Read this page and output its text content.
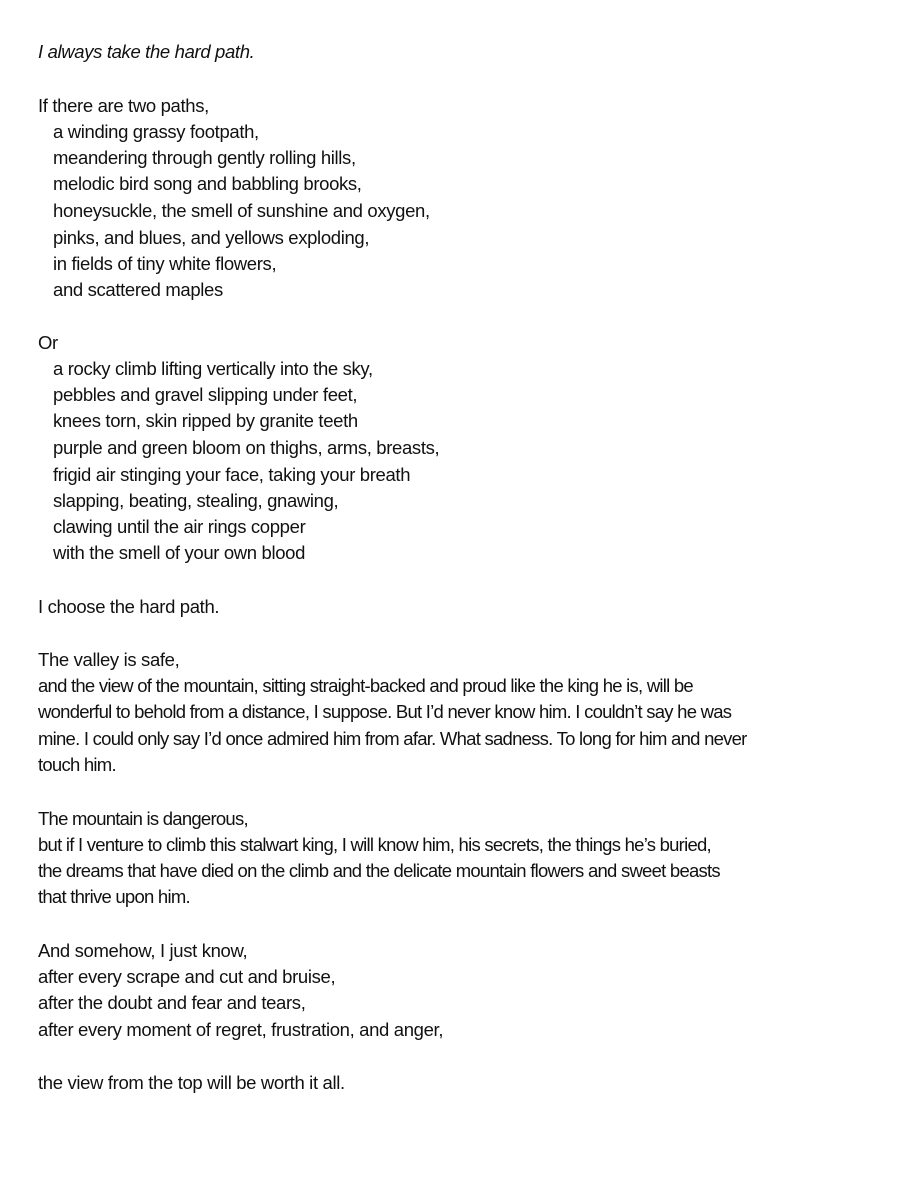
I always take the hard path.
If there are two paths,
a winding grassy footpath,
meandering through gently rolling hills,
melodic bird song and babbling brooks,
honeysuckle, the smell of sunshine and oxygen,
pinks, and blues, and yellows exploding,
in fields of tiny white flowers,
and scattered maples
Or
a rocky climb lifting vertically into the sky,
pebbles and gravel slipping under feet,
knees torn, skin ripped by granite teeth
purple and green bloom on thighs, arms, breasts,
frigid air stinging your face, taking your breath
slapping, beating, stealing, gnawing,
clawing until the air rings copper
with the smell of your own blood
I choose the hard path.
The valley is safe,
and the view of the mountain, sitting straight-backed and proud like the king he is, will be
wonderful to behold from a distance, I suppose. But I’d never know him. I couldn’t say he was
mine. I could only say I’d once admired him from afar. What sadness. To long for him and never
touch him.
The mountain is dangerous,
but if I venture to climb this stalwart king, I will know him, his secrets, the things he’s buried,
the dreams that have died on the climb and the delicate mountain flowers and sweet beasts
that thrive upon him.
And somehow, I just know,
after every scrape and cut and bruise,
after the doubt and fear and tears,
after every moment of regret, frustration, and anger,
the view from the top will be worth it all.
